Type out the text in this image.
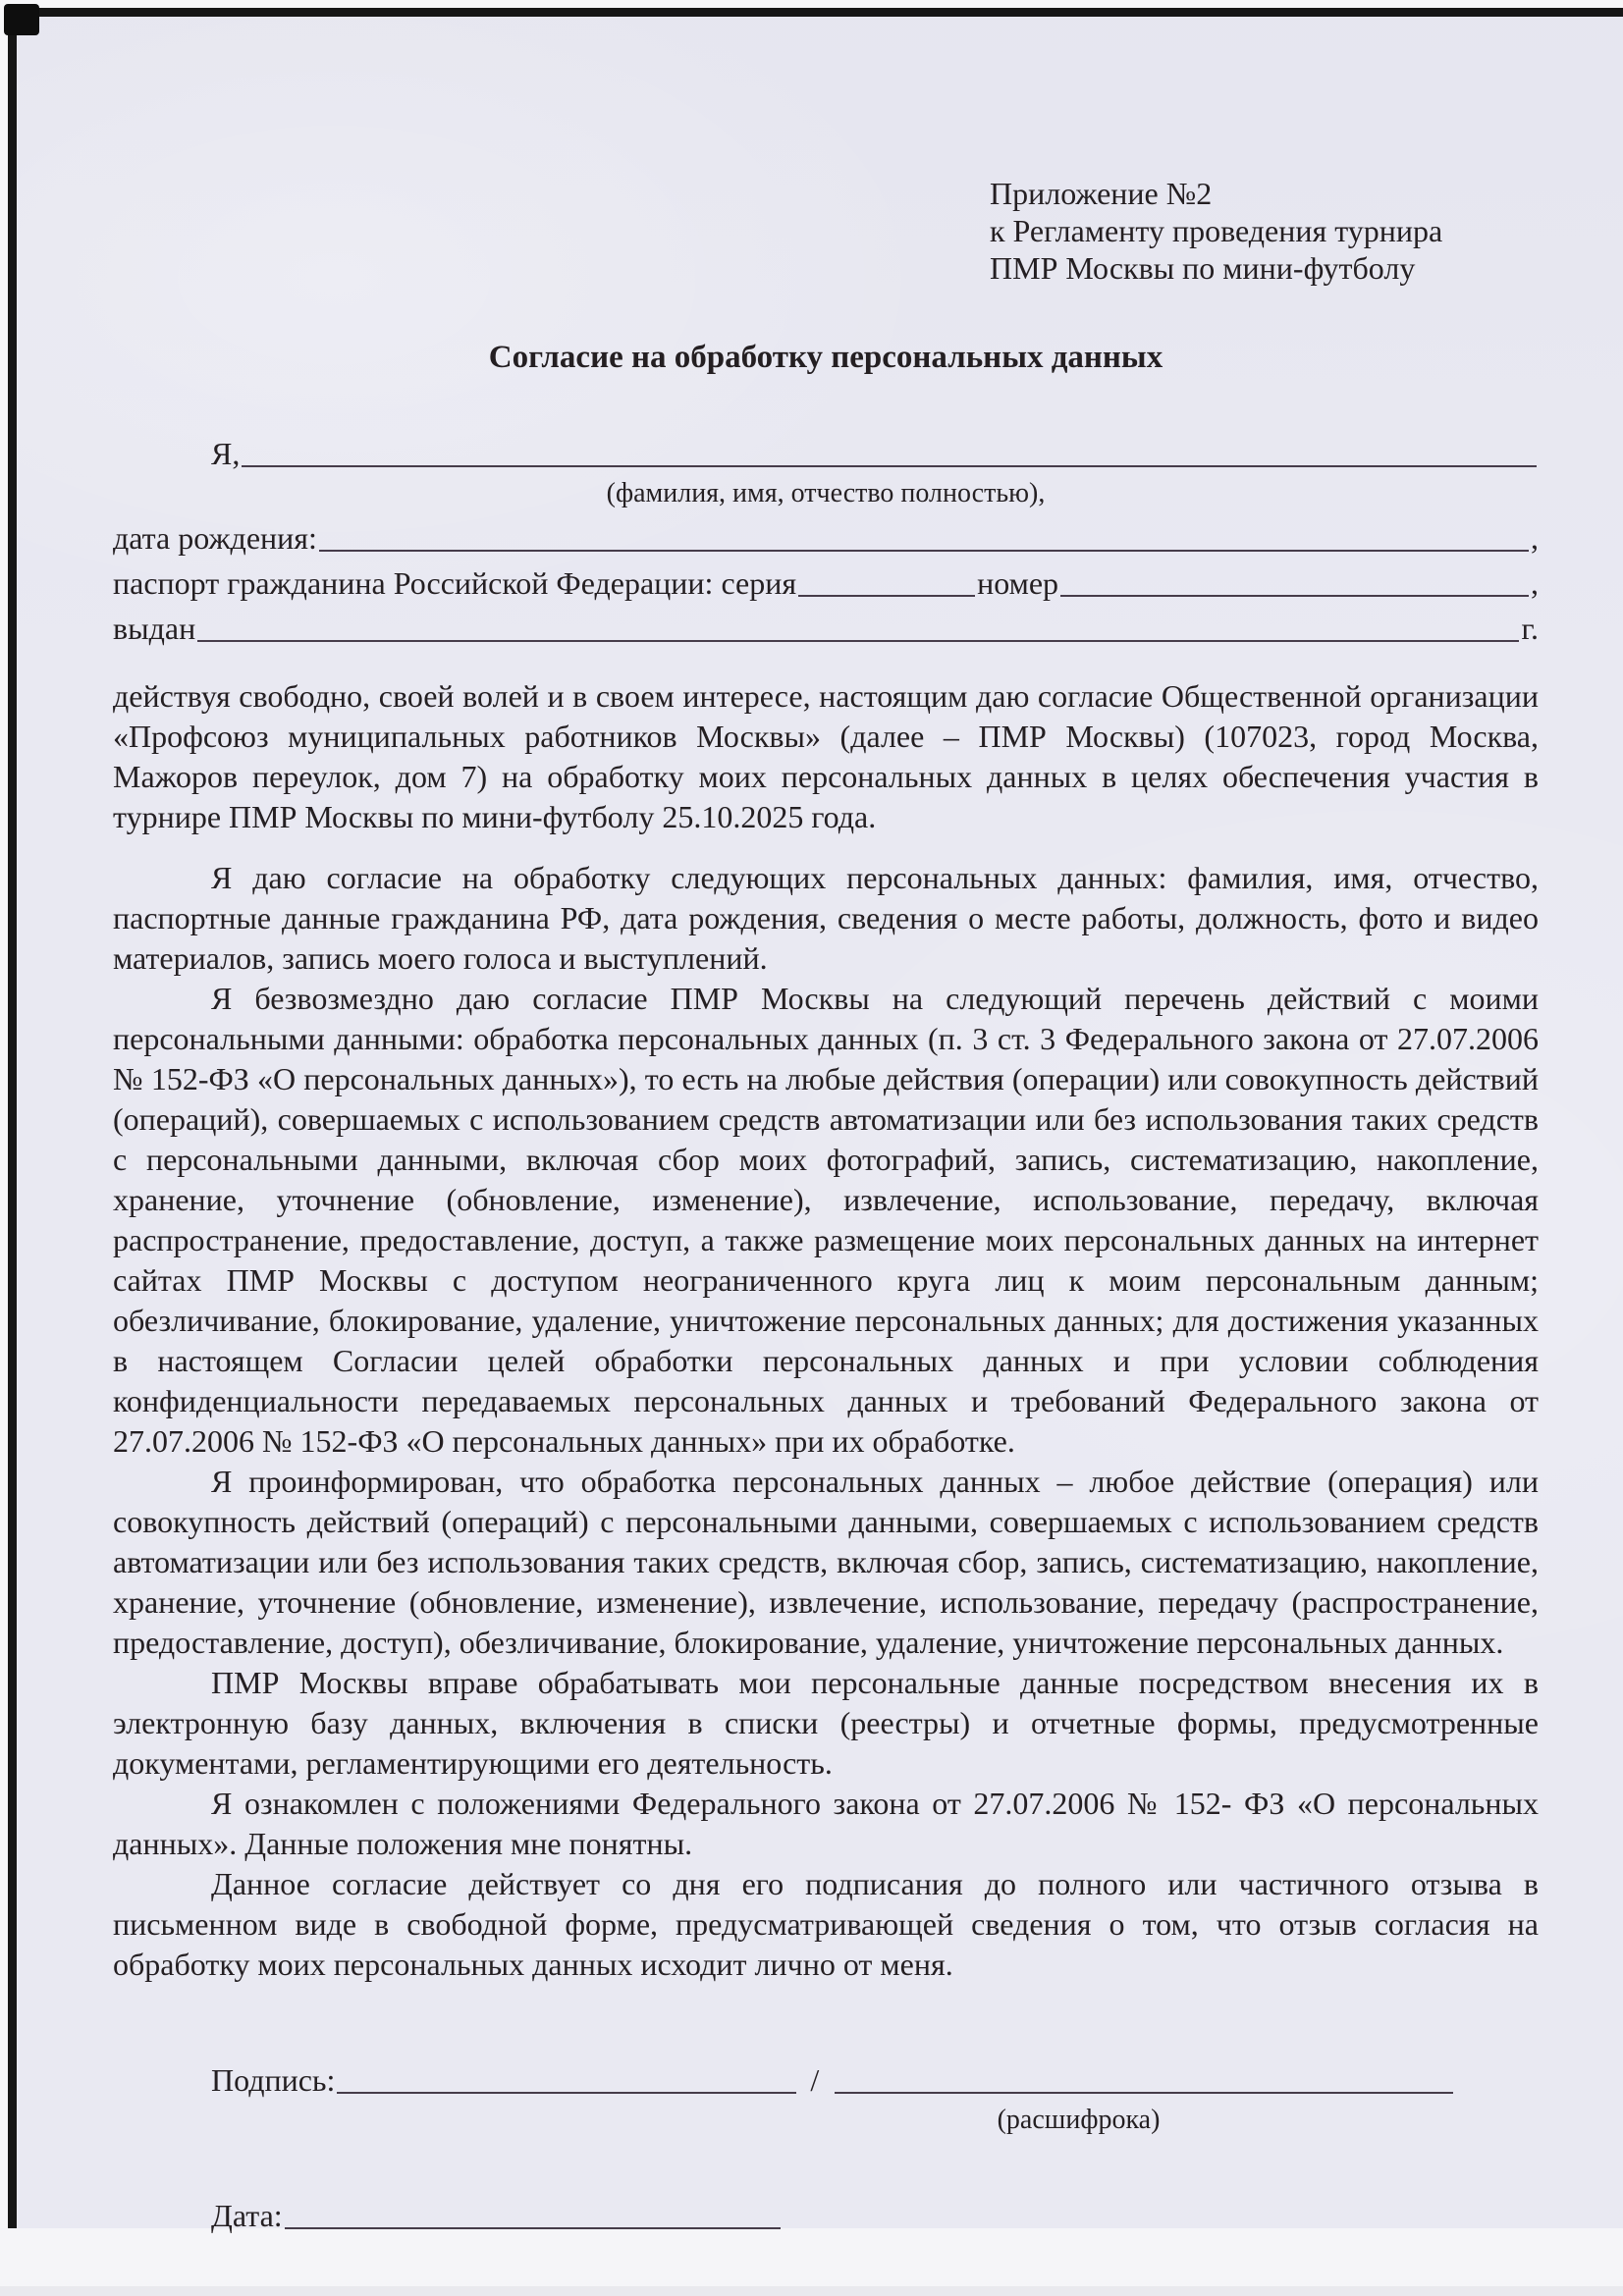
Приложение №2
к Регламенту проведения турнира
ПМР Москвы по мини-футболу
Согласие на обработку персональных данных
Я,
(фамилия, имя, отчество полностью),
дата рождения:	,
паспорт гражданина Российской Федерации: серия	номер	,
выдан	г.

действуя свободно, своей волей и в своем интересе, настоящим даю согласие Общественной организации «Профсоюз муниципальных работников Москвы» (далее – ПМР Москвы) (107023, город Москва, Мажоров переулок, дом 7) на обработку моих персональных данных в целях обеспечения участия в турнире ПМР Москвы по мини-футболу 25.10.2025 года.

Я даю согласие на обработку следующих персональных данных: фамилия, имя, отчество, паспортные данные гражданина РФ, дата рождения, сведения о месте работы, должность, фото и видео материалов, запись моего голоса и выступлений.

Я безвозмездно даю согласие ПМР Москвы на следующий перечень действий с моими персональными данными: обработка персональных данных (п. 3 ст. 3 Федерального закона от 27.07.2006 № 152-ФЗ «О персональных данных»), то есть на любые действия (операции) или совокупность действий (операций), совершаемых с использованием средств автоматизации или без использования таких средств с персональными данными, включая сбор моих фотографий, запись, систематизацию, накопление, хранение, уточнение (обновление, изменение), извлечение, использование, передачу, включая распространение, предоставление, доступ, а также размещение моих персональных данных на интернет сайтах ПМР Москвы с доступом неограниченного круга лиц к моим персональным данным; обезличивание, блокирование, удаление, уничтожение персональных данных; для достижения указанных в настоящем Согласии целей обработки персональных данных и при условии соблюдения конфиденциальности передаваемых персональных данных и требований Федерального закона от 27.07.2006 № 152-ФЗ «О персональных данных» при их обработке.

Я проинформирован, что обработка персональных данных – любое действие (операция) или совокупность действий (операций) с персональными данными, совершаемых с использованием средств автоматизации или без использования таких средств, включая сбор, запись, систематизацию, накопление, хранение, уточнение (обновление, изменение), извлечение, использование, передачу (распространение, предоставление, доступ), обезличивание, блокирование, удаление, уничтожение персональных данных.

ПМР Москвы вправе обрабатывать мои персональные данные посредством внесения их в электронную базу данных, включения в списки (реестры) и отчетные формы, предусмотренные документами, регламентирующими его деятельность.

Я ознакомлен с положениями Федерального закона от 27.07.2006 № 152- ФЗ «О персональных данных». Данные положения мне понятны.

Данное согласие действует со дня его подписания до полного или частичного отзыва в письменном виде в свободной форме, предусматривающей сведения о том, что отзыв согласия на обработку моих персональных данных исходит лично от меня.

Подпись:	/
(расшифрока)
Дата:
